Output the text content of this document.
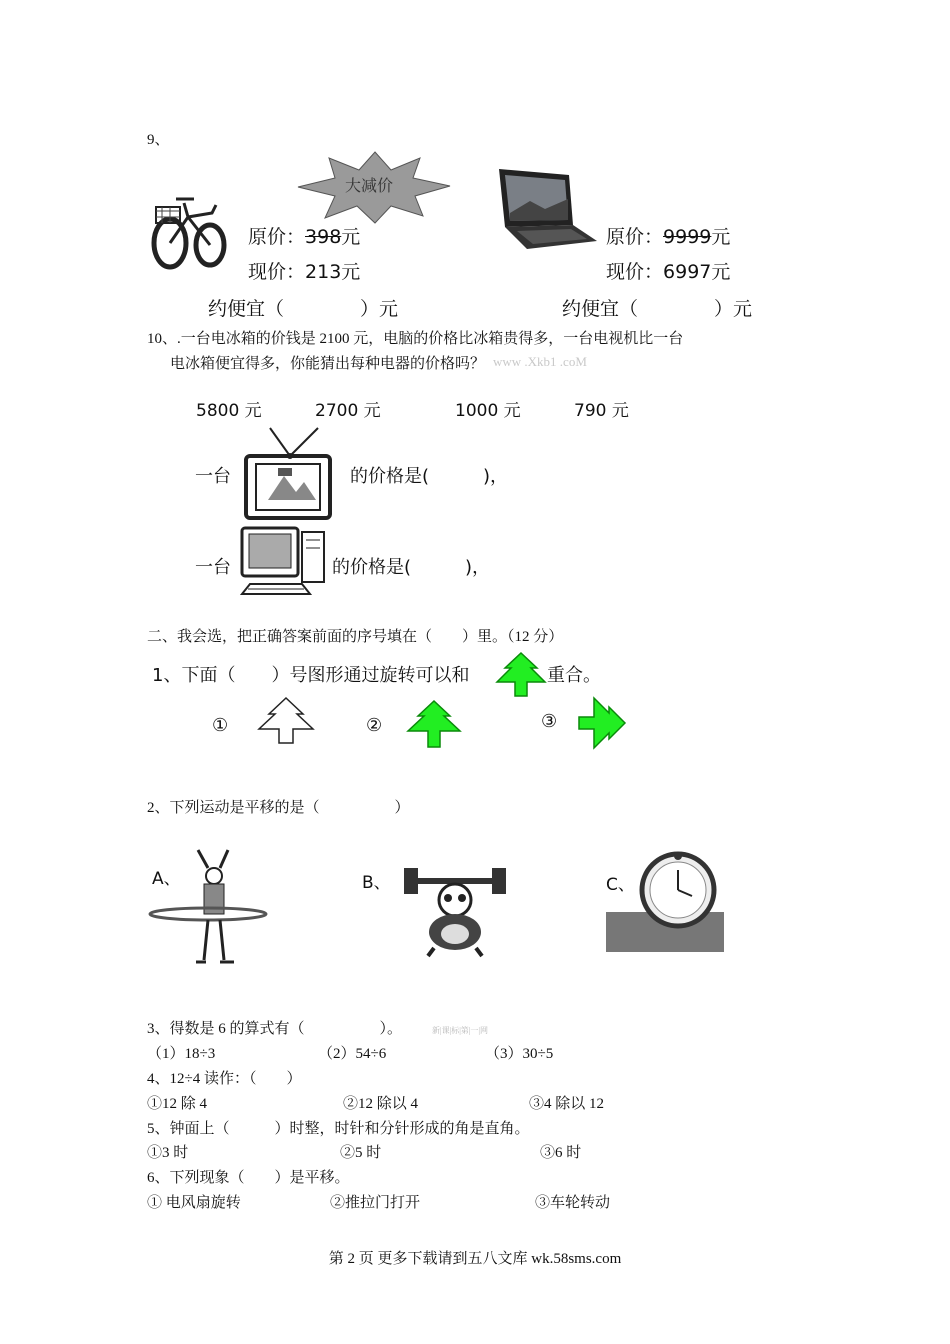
9、
大减价
原价：398元
现价：213元
约便宜（　　　　）元
原价：9999元
现价：6997元
约便宜（　　　　）元
10、.一台电冰箱的价钱是 2100 元，电脑的价格比冰箱贵得多，一台电视机比一台
电冰箱便宜得多，你能猜出每种电器的价格吗？ www .Xkb1 .coM
5800 元	2700 元	1000 元	790 元
一台	的价格是(　　　)，
一台	的价格是(　　　)，
二、我会选，把正确答案前面的序号填在（　　）里。（12 分）
1、下面（　　）号图形通过旋转可以和	重合。
①	②	③
2、下列运动是平移的是（　　　　　）
A、	B、	C、
3、得数是 6 的算式有（　　　　　）。	新|课|标|第|一|网
（1）18÷3	（2）54÷6	（3）30÷5
4、12÷4 读作：（　　）
①12 除 4	②12 除以 4	③4 除以 12
5、钟面上（　　　）时整，时针和分针形成的角是直角。
①3 时	②5 时	③6 时
6、下列现象（　　）是平移。
① 电风扇旋转	②推拉门打开	③车轮转动
第 2 页 更多下载请到五八文库 wk.58sms.com
